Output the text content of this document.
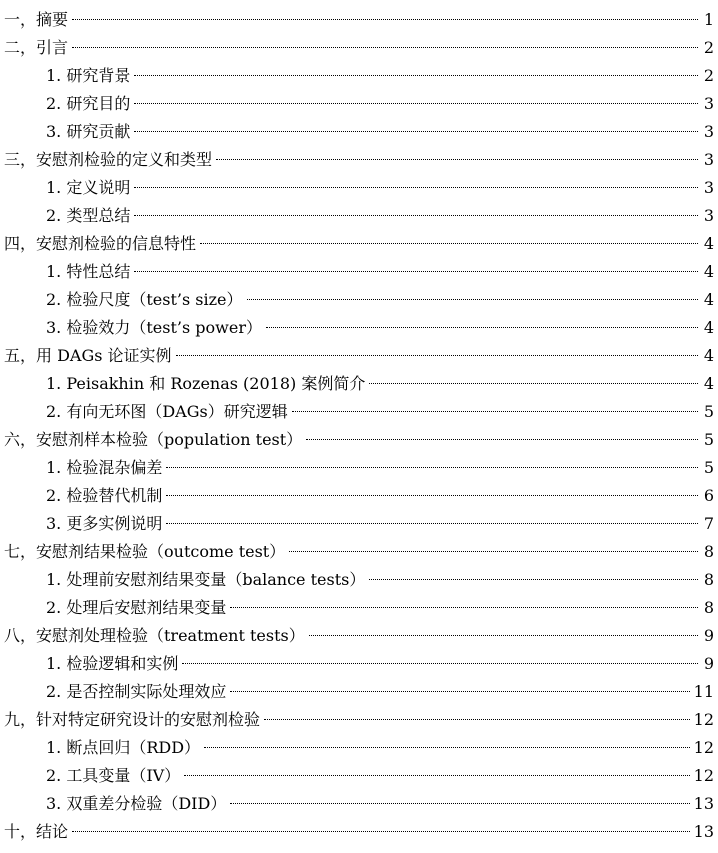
一，摘要	1
二，引言	2
1. 研究背景	2
2. 研究目的	3
3. 研究贡献	3
三，安慰剂检验的定义和类型	3
1. 定义说明	3
2. 类型总结	3
四，安慰剂检验的信息特性	4
1. 特性总结	4
2. 检验尺度（test’s size）	4
3. 检验效力（test’s power）	4
五，用 DAGs 论证实例	4
1. Peisakhin 和 Rozenas (2018) 案例简介	4
2. 有向无环图（DAGs）研究逻辑	5
六，安慰剂样本检验（population test）	5
1. 检验混杂偏差	5
2. 检验替代机制	6
3. 更多实例说明	7
七，安慰剂结果检验（outcome test）	8
1. 处理前安慰剂结果变量（balance tests）	8
2. 处理后安慰剂结果变量	8
八，安慰剂处理检验（treatment tests）	9
1. 检验逻辑和实例	9
2. 是否控制实际处理效应	11
九，针对特定研究设计的安慰剂检验	12
1. 断点回归（RDD）	12
2. 工具变量（IV）	12
3. 双重差分检验（DID）	13
十，结论	13
